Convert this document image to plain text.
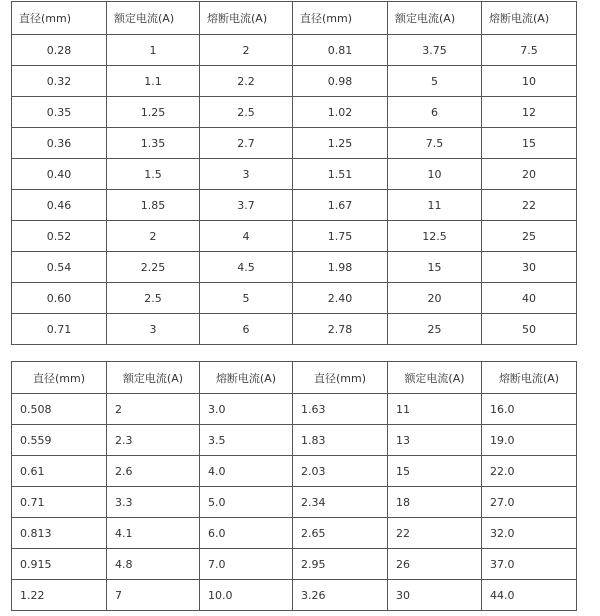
直径(mm)	额定电流(A)	熔断电流(A)	直径(mm)	额定电流(A)	熔断电流(A)
0.28	1	2	0.81	3.75	7.5
0.32	1.1	2.2	0.98	5	10
0.35	1.25	2.5	1.02	6	12
0.36	1.35	2.7	1.25	7.5	15
0.40	1.5	3	1.51	10	20
0.46	1.85	3.7	1.67	11	22
0.52	2	4	1.75	12.5	25
0.54	2.25	4.5	1.98	15	30
0.60	2.5	5	2.40	20	40
0.71	3	6	2.78	25	50
直径(mm)	额定电流(A)	熔断电流(A)	直径(mm)	额定电流(A)	熔断电流(A)
0.508	2	3.0	1.63	11	16.0
0.559	2.3	3.5	1.83	13	19.0
0.61	2.6	4.0	2.03	15	22.0
0.71	3.3	5.0	2.34	18	27.0
0.813	4.1	6.0	2.65	22	32.0
0.915	4.8	7.0	2.95	26	37.0
1.22	7	10.0	3.26	30	44.0
